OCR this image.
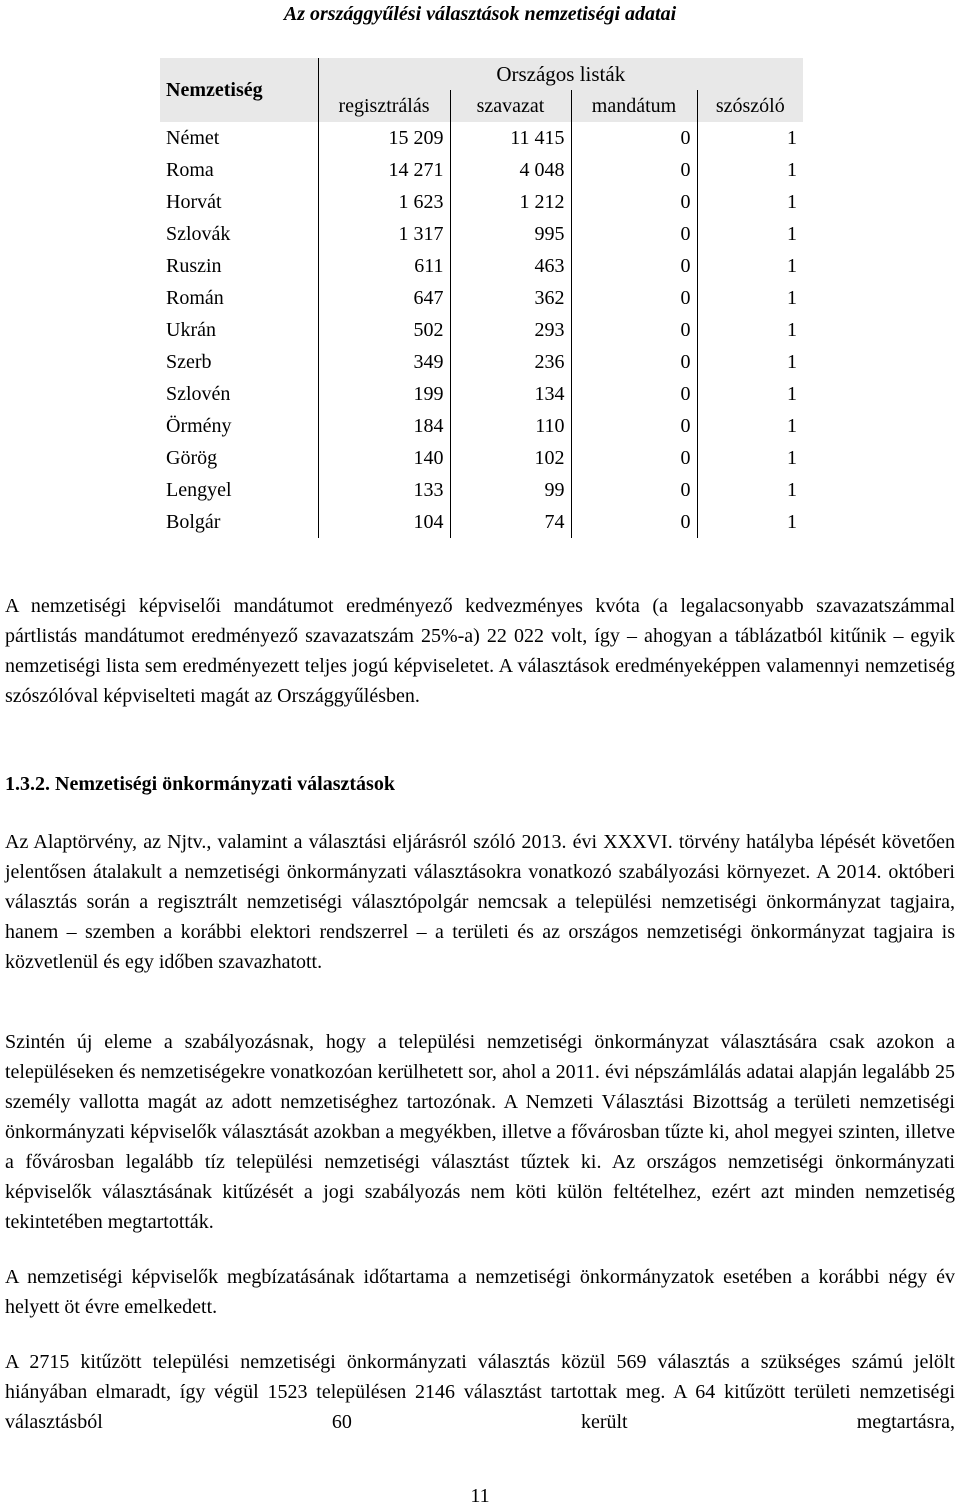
Az országgyűlési választások nemzetiségi adatai
Nemzetiség	Országos listák			
	regisztrálás	szavazat	mandátum	szószóló
Német	15 209	11 415	0	1
Roma	14 271	4 048	0	1
Horvát	1 623	1 212	0	1
Szlovák	1 317	995	0	1
Ruszin	611	463	0	1
Román	647	362	0	1
Ukrán	502	293	0	1
Szerb	349	236	0	1
Szlovén	199	134	0	1
Örmény	184	110	0	1
Görög	140	102	0	1
Lengyel	133	99	0	1
Bolgár	104	74	0	1

A nemzetiségi képviselői mandátumot eredményező kedvezményes kvóta (a legalacsonyabb szavazatszámmal pártlistás mandátumot eredményező szavazatszám 25%-a) 22 022 volt, így – ahogyan a táblázatból kitűnik – egyik nemzetiségi lista sem eredményezett teljes jogú képviseletet. A választások eredményeképpen valamennyi nemzetiség szószólóval képviselteti magát az Országgyűlésben.

1.3.2. Nemzetiségi önkormányzati választások

Az Alaptörvény, az Njtv., valamint a választási eljárásról szóló 2013. évi XXXVI. törvény hatályba lépését követően jelentősen átalakult a nemzetiségi önkormányzati választásokra vonatkozó szabályozási környezet. A 2014. októberi választás során a regisztrált nemzetiségi választópolgár nemcsak a települési nemzetiségi önkormányzat tagjaira, hanem – szemben a korábbi elektori rendszerrel – a területi és az országos nemzetiségi önkormányzat tagjaira is közvetlenül és egy időben szavazhatott.

Szintén új eleme a szabályozásnak, hogy a települési nemzetiségi önkormányzat választására csak azokon a településeken és nemzetiségekre vonatkozóan kerülhetett sor, ahol a 2011. évi népszámlálás adatai alapján legalább 25 személy vallotta magát az adott nemzetiséghez tartozónak. A Nemzeti Választási Bizottság a területi nemzetiségi önkormányzati képviselők választását azokban a megyékben, illetve a fővárosban tűzte ki, ahol megyei szinten, illetve a fővárosban legalább tíz települési nemzetiségi választást tűztek ki. Az országos nemzetiségi önkormányzati képviselők választásának kitűzését a jogi szabályozás nem köti külön feltételhez, ezért azt minden nemzetiség tekintetében megtartották.

A nemzetiségi képviselők megbízatásának időtartama a nemzetiségi önkormányzatok esetében a korábbi négy év helyett öt évre emelkedett.

A 2715 kitűzött települési nemzetiségi önkormányzati választás közül 569 választás a szükséges számú jelölt hiányában elmaradt, így végül 1523 településen 2146 választást tartottak meg. A 64 kitűzött területi nemzetiségi választásból 60 került megtartásra,

11
